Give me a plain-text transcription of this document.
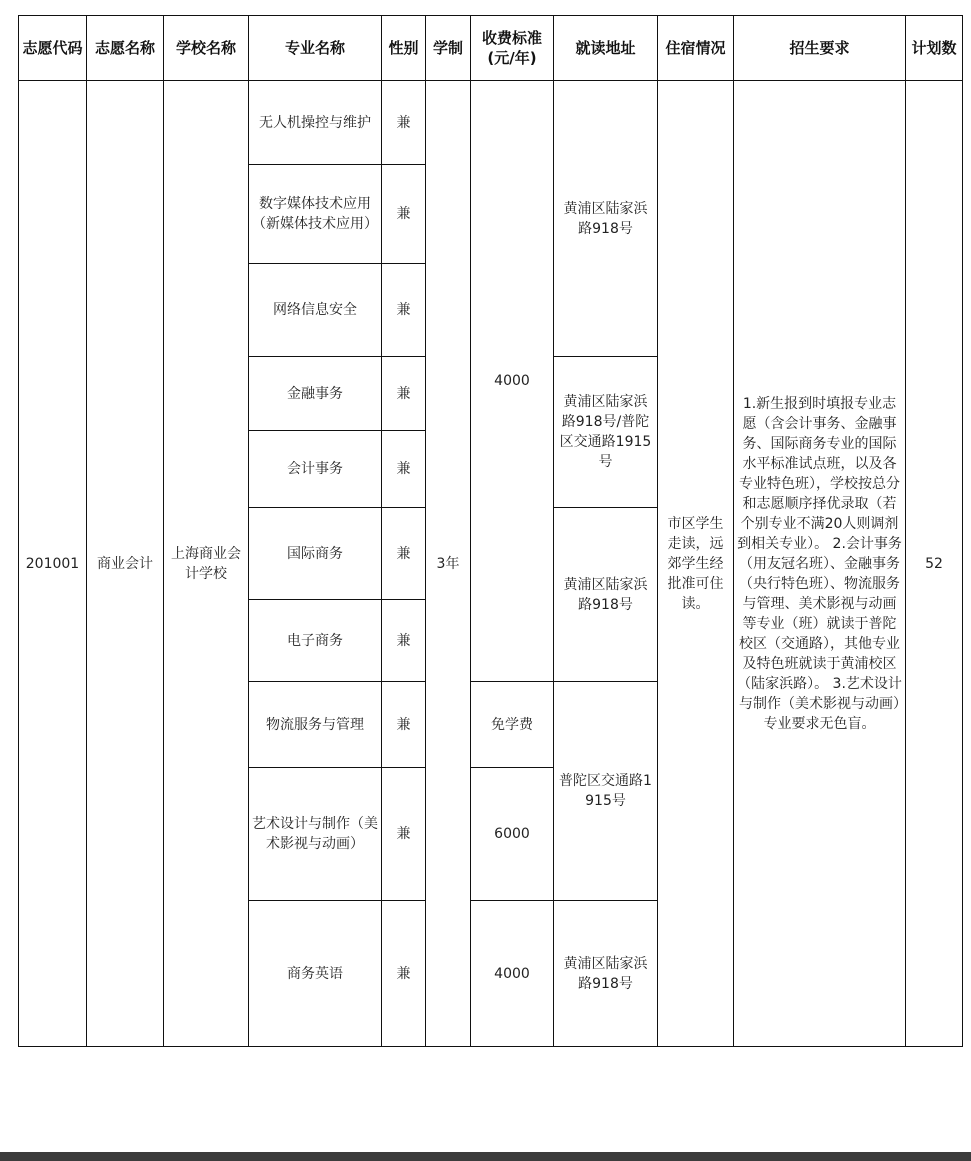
志愿代码	志愿名称	学校名称	专业名称	性别	学制	收费标准(元/年)	就读地址	住宿情况	招生要求	计划数
201001	商业会计	上海商业会计学校	无人机操控与维护	兼	3年	4000	黄浦区陆家浜路918号	市区学生走读，远郊学生经批准可住读。	1.新生报到时填报专业志愿（含会计事务、金融事务、国际商务专业的国际水平标准试点班，以及各专业特色班），学校按总分和志愿顺序择优录取（若个别专业不满20人则调剂到相关专业）。 2.会计事务（用友冠名班）、金融事务（央行特色班）、物流服务与管理、美术影视与动画等专业（班）就读于普陀校区（交通路），其他专业及特色班就读于黄浦校区（陆家浜路）。 3.艺术设计与制作（美术影视与动画）专业要求无色盲。	52
			数字媒体技术应用（新媒体技术应用）	兼						
			网络信息安全	兼						
			金融事务	兼			黄浦区陆家浜路918号/普陀区交通路1915号			
			会计事务	兼						
			国际商务	兼			黄浦区陆家浜路918号			
			电子商务	兼						
			物流服务与管理	兼		免学费	普陀区交通路1915号			
			艺术设计与制作（美术影视与动画）	兼		6000				
			商务英语	兼		4000	黄浦区陆家浜路918号			
